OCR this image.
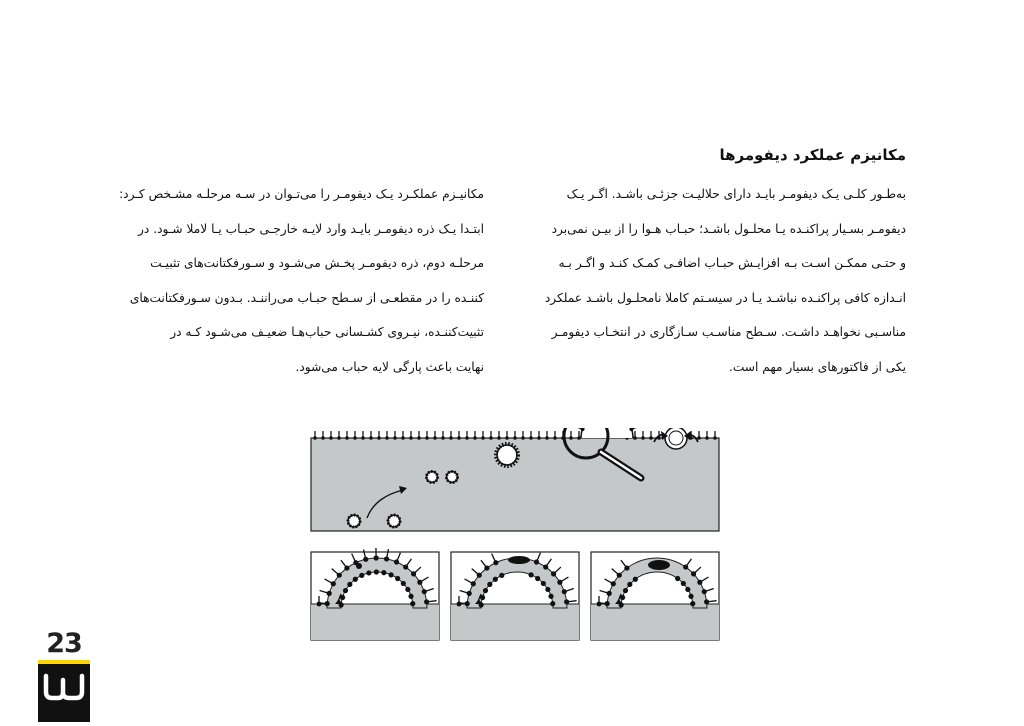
مکانیزم عملکرد دیفومرها
به‌طـور کلـی یـک دیفومـر بایـد دارای حلالیـت جزئـی باشـد. اگـر یـک
دیفومـر بسـیار پراکنـده یـا محلـول باشـد؛ حبـاب هـوا را از بیـن نمی‌برد
و حتـی ممکـن اسـت بـه افزایـش حبـاب اضافـی کمـک کنـد و اگـر بـه
انـدازه کافی پراکنـده نباشـد یـا در سیسـتم کاملا نامحلـول باشـد عملکرد
مناسـبی نخواهـد داشـت. سـطح مناسـب سـازگاری در انتخـاب دیفومـر
یکی از فاکتورهای بسیار مهم است.
مکانیـزم عملکـرد یـک دیفومـر را می‌تـوان در سـه مرحلـه مشـخص کـرد:
ابتـدا یـک ذره دیفومـر بایـد وارد لایـه خارجـی حبـاب یـا لاملا شـود. در
مرحلـه دوم، ذره دیفومـر پخـش می‌شـود و سـورفکتانت‌های تثبیـت
کننـده را در مقطعـی از سـطح حبـاب می‌راننـد. بـدون سـورفکتانت‌های
تثبیت‌کننـده، نیـروی کشـسانی حباب‌هـا ضعیـف می‌شـود کـه در
نهایت باعث پارگی لایه حباب می‌شود.
23
